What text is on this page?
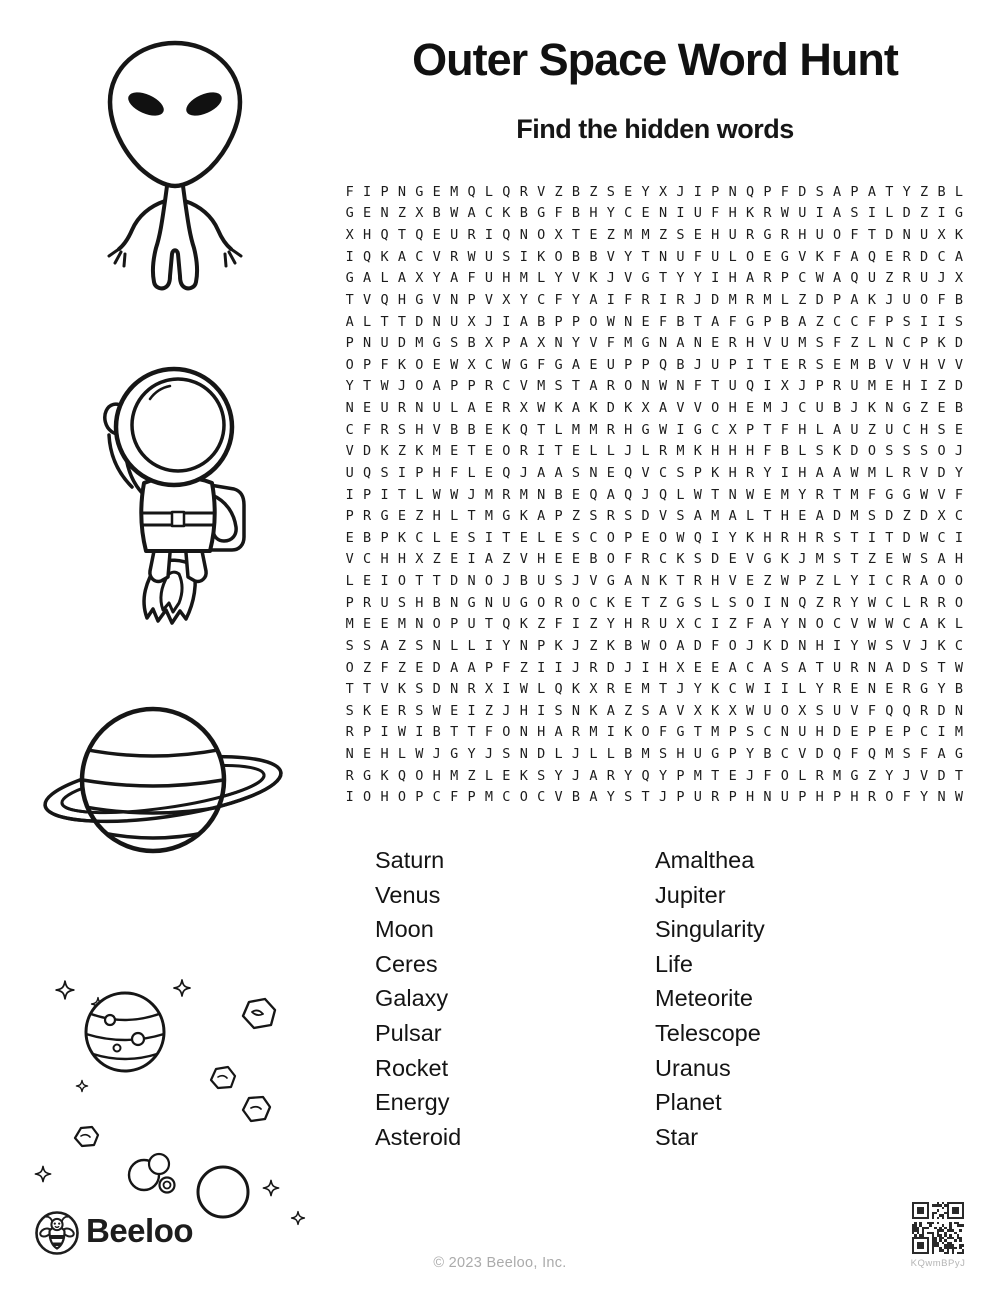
Outer Space Word Hunt
Find the hidden words
F I P N G E M Q L Q R V Z B Z S E Y X J I P N Q P F D S A P A T Y Z B L
G E N Z X B W A C K B G F B H Y C E N I U F H K R W U I A S I L D Z I G
X H Q T Q E U R I Q N O X T E Z M M Z S E H U R G R H U O F T D N U X K
I Q K A C V R W U S I K O B B V Y T N U F U L O E G V K F A Q E R D C A
G A L A X Y A F U H M L Y V K J V G T Y Y I H A R P C W A Q U Z R U J X
T V Q H G V N P V X Y C F Y A I F R I R J D M R M L Z D P A K J U O F B
A L T T D N U X J I A B P P O W N E F B T A F G P B A Z C C F P S I I S
P N U D M G S B X P A X N Y V F M G N A N E R H V U M S F Z L N C P K D
O P F K O E W X C W G F G A E U P P Q B J U P I T E R S E M B V V H V V
Y T W J O A P P R C V M S T A R O N W N F T U Q I X J P R U M E H I Z D
N E U R N U L A E R X W K A K D K X A V V O H E M J C U B J K N G Z E B
C F R S H V B B E K Q T L M M R H G W I G C X P T F H L A U Z U C H S E
V D K Z K M E T E O R I T E L L J L R M K H H H F B L S K D O S S S O J
U Q S I P H F L E Q J A A S N E Q V C S P K H R Y I H A A W M L R V D Y
I P I T L W W J M R M N B E Q A Q J Q L W T N W E M Y R T M F G G W V F
P R G E Z H L T M G K A P Z S R S D V S A M A L T H E A D M S D Z D X C
E B P K C L E S I T E L E S C O P E O W Q I Y K H R H R S T I T D W C I
V C H H X Z E I A Z V H E E B O F R C K S D E V G K J M S T Z E W S A H
L E I O T T D N O J B U S J V G A N K T R H V E Z W P Z L Y I C R A O O
P R U S H B N G N U G O R O C K E T Z G S L S O I N Q Z R Y W C L R R O
M E E M N O P U T Q K Z F I Z Y H R U X C I Z F A Y N O C V W W C A K L
S S A Z S N L L I Y N P K J Z K B W O A D F O J K D N H I Y W S V J K C
O Z F Z E D A A P F Z I I J R D J I H X E E A C A S A T U R N A D S T W
T T V K S D N R X I W L Q K X R E M T J Y K C W I I L Y R E N E R G Y B
S K E R S W E I Z J H I S N K A Z S A V X K X W U O X S U V F Q Q R D N
R P I W I B T T F O N H A R M I K O F G T M P S C N U H D E P E P C I M
N E H L W J G Y J S N D L J L L B M S H U G P Y B C V D Q F Q M S F A G
R G K Q O H M Z L E K S Y J A R Y Q Y P M T E J F O L R M G Z Y J V D T
I O H O P C F P M C O C V B A Y S T J P U R P H N U P H P H R O F Y N W
Saturn
Venus
Moon
Ceres
Galaxy
Pulsar
Rocket
Energy
Asteroid
Amalthea
Jupiter
Singularity
Life
Meteorite
Telescope
Uranus
Planet
Star
Beeloo
© 2023 Beeloo, Inc.	KQwmBPyJ
